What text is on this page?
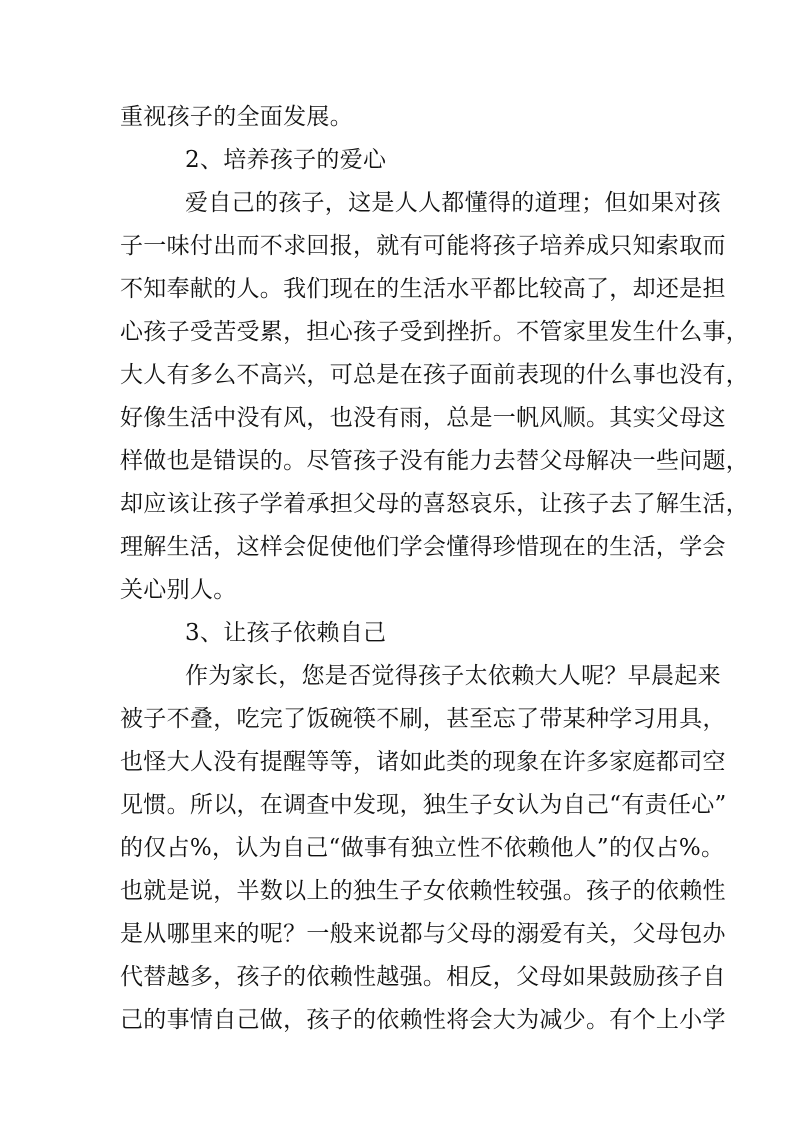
重视孩子的全面发展。
2、培养孩子的爱心
爱自己的孩子，这是人人都懂得的道理；但如果对孩
子一味付出而不求回报，就有可能将孩子培养成只知索取而
不知奉献的人。我们现在的生活水平都比较高了，却还是担
心孩子受苦受累，担心孩子受到挫折。不管家里发生什么事，
大人有多么不高兴，可总是在孩子面前表现的什么事也没有，
好像生活中没有风，也没有雨，总是一帆风顺。其实父母这
样做也是错误的。尽管孩子没有能力去替父母解决一些问题，
却应该让孩子学着承担父母的喜怒哀乐，让孩子去了解生活，
理解生活，这样会促使他们学会懂得珍惜现在的生活，学会
关心别人。
3、让孩子依赖自己
作为家长，您是否觉得孩子太依赖大人呢？早晨起来
被子不叠，吃完了饭碗筷不刷，甚至忘了带某种学习用具，
也怪大人没有提醒等等，诸如此类的现象在许多家庭都司空
见惯。所以，在调查中发现，独生子女认为自己“有责任心”
的仅占%，认为自己“做事有独立性不依赖他人”的仅占%。
也就是说，半数以上的独生子女依赖性较强。孩子的依赖性
是从哪里来的呢？一般来说都与父母的溺爱有关，父母包办
代替越多，孩子的依赖性越强。相反，父母如果鼓励孩子自
己的事情自己做，孩子的依赖性将会大为减少。有个上小学
